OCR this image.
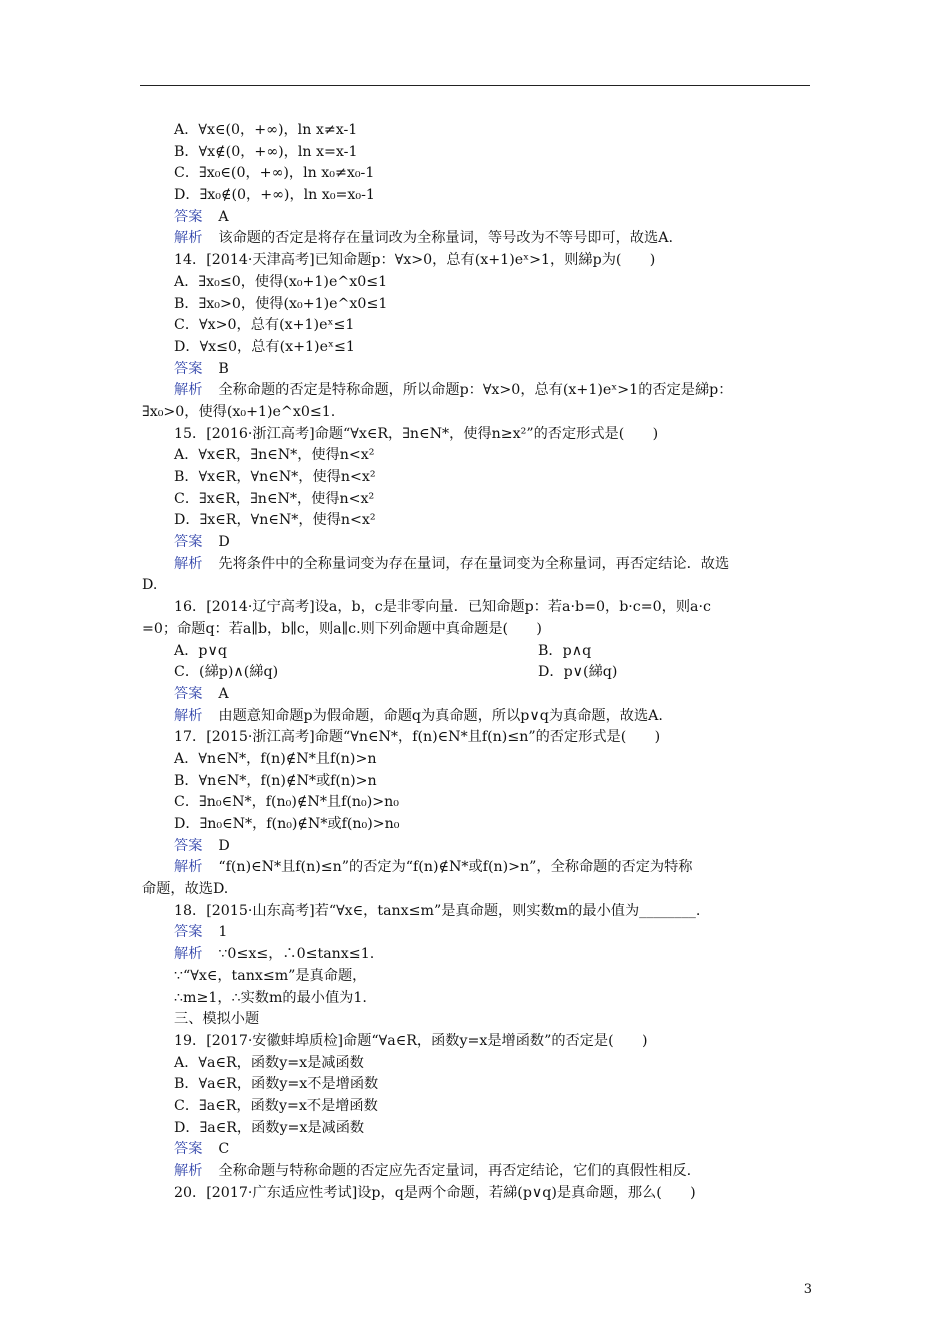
A．∀x∈(0，+∞)，ln x≠x-1
B．∀x∉(0，+∞)，ln x=x-1
C．∃x₀∈(0，+∞)，ln x₀≠x₀-1
D．∃x₀∉(0，+∞)，ln x₀=x₀-1
答案 A
解析 该命题的否定是将存在量词改为全称量词，等号改为不等号即可，故选A.
14．[2014·天津高考]已知命题p：∀x>0，总有(x+1)eˣ>1，则綈p为(　　)
A．∃x₀≤0，使得(x₀+1)e^x0≤1
B．∃x₀>0，使得(x₀+1)e^x0≤1
C．∀x>0，总有(x+1)eˣ≤1
D．∀x≤0，总有(x+1)eˣ≤1
答案 B
解析 全称命题的否定是特称命题，所以命题p：∀x>0，总有(x+1)eˣ>1的否定是綈p：
∃x₀>0，使得(x₀+1)e^x0≤1.
15．[2016·浙江高考]命题“∀x∈R，∃n∈N*，使得n≥x²”的否定形式是(　　)
A．∀x∈R，∃n∈N*，使得n<x²
B．∀x∈R，∀n∈N*，使得n<x²
C．∃x∈R，∃n∈N*，使得n<x²
D．∃x∈R，∀n∈N*，使得n<x²
答案 D
解析 先将条件中的全称量词变为存在量词，存在量词变为全称量词，再否定结论．故选
D.
16．[2014·辽宁高考]设a，b，c是非零向量．已知命题p：若a·b=0，b·c=0，则a·c
=0；命题q：若a∥b，b∥c，则a∥c.则下列命题中真命题是(　　)
A．p∨q	B．p∧q
C．(綈p)∧(綈q)	D．p∨(綈q)
答案 A
解析 由题意知命题p为假命题，命题q为真命题，所以p∨q为真命题，故选A.
17．[2015·浙江高考]命题“∀n∈N*，f(n)∈N*且f(n)≤n”的否定形式是(　　)
A．∀n∈N*，f(n)∉N*且f(n)>n
B．∀n∈N*，f(n)∉N*或f(n)>n
C．∃n₀∈N*，f(n₀)∉N*且f(n₀)>n₀
D．∃n₀∈N*，f(n₀)∉N*或f(n₀)>n₀
答案 D
解析 “f(n)∈N*且f(n)≤n”的否定为“f(n)∉N*或f(n)>n”，全称命题的否定为特称
命题，故选D.
18．[2015·山东高考]若“∀x∈，tanx≤m”是真命题，则实数m的最小值为________.
答案 1
解析 ∵0≤x≤，∴0≤tanx≤1.
∵“∀x∈，tanx≤m”是真命题，
∴m≥1，∴实数m的最小值为1.
三、模拟小题
19．[2017·安徽蚌埠质检]命题“∀a∈R，函数y=x是增函数”的否定是(　　)
A．∀a∈R，函数y=x是减函数
B．∀a∈R，函数y=x不是增函数
C．∃a∈R，函数y=x不是增函数
D．∃a∈R，函数y=x是减函数
答案 C
解析 全称命题与特称命题的否定应先否定量词，再否定结论，它们的真假性相反.
20．[2017·广东适应性考试]设p，q是两个命题，若綈(p∨q)是真命题，那么(　　)
3
